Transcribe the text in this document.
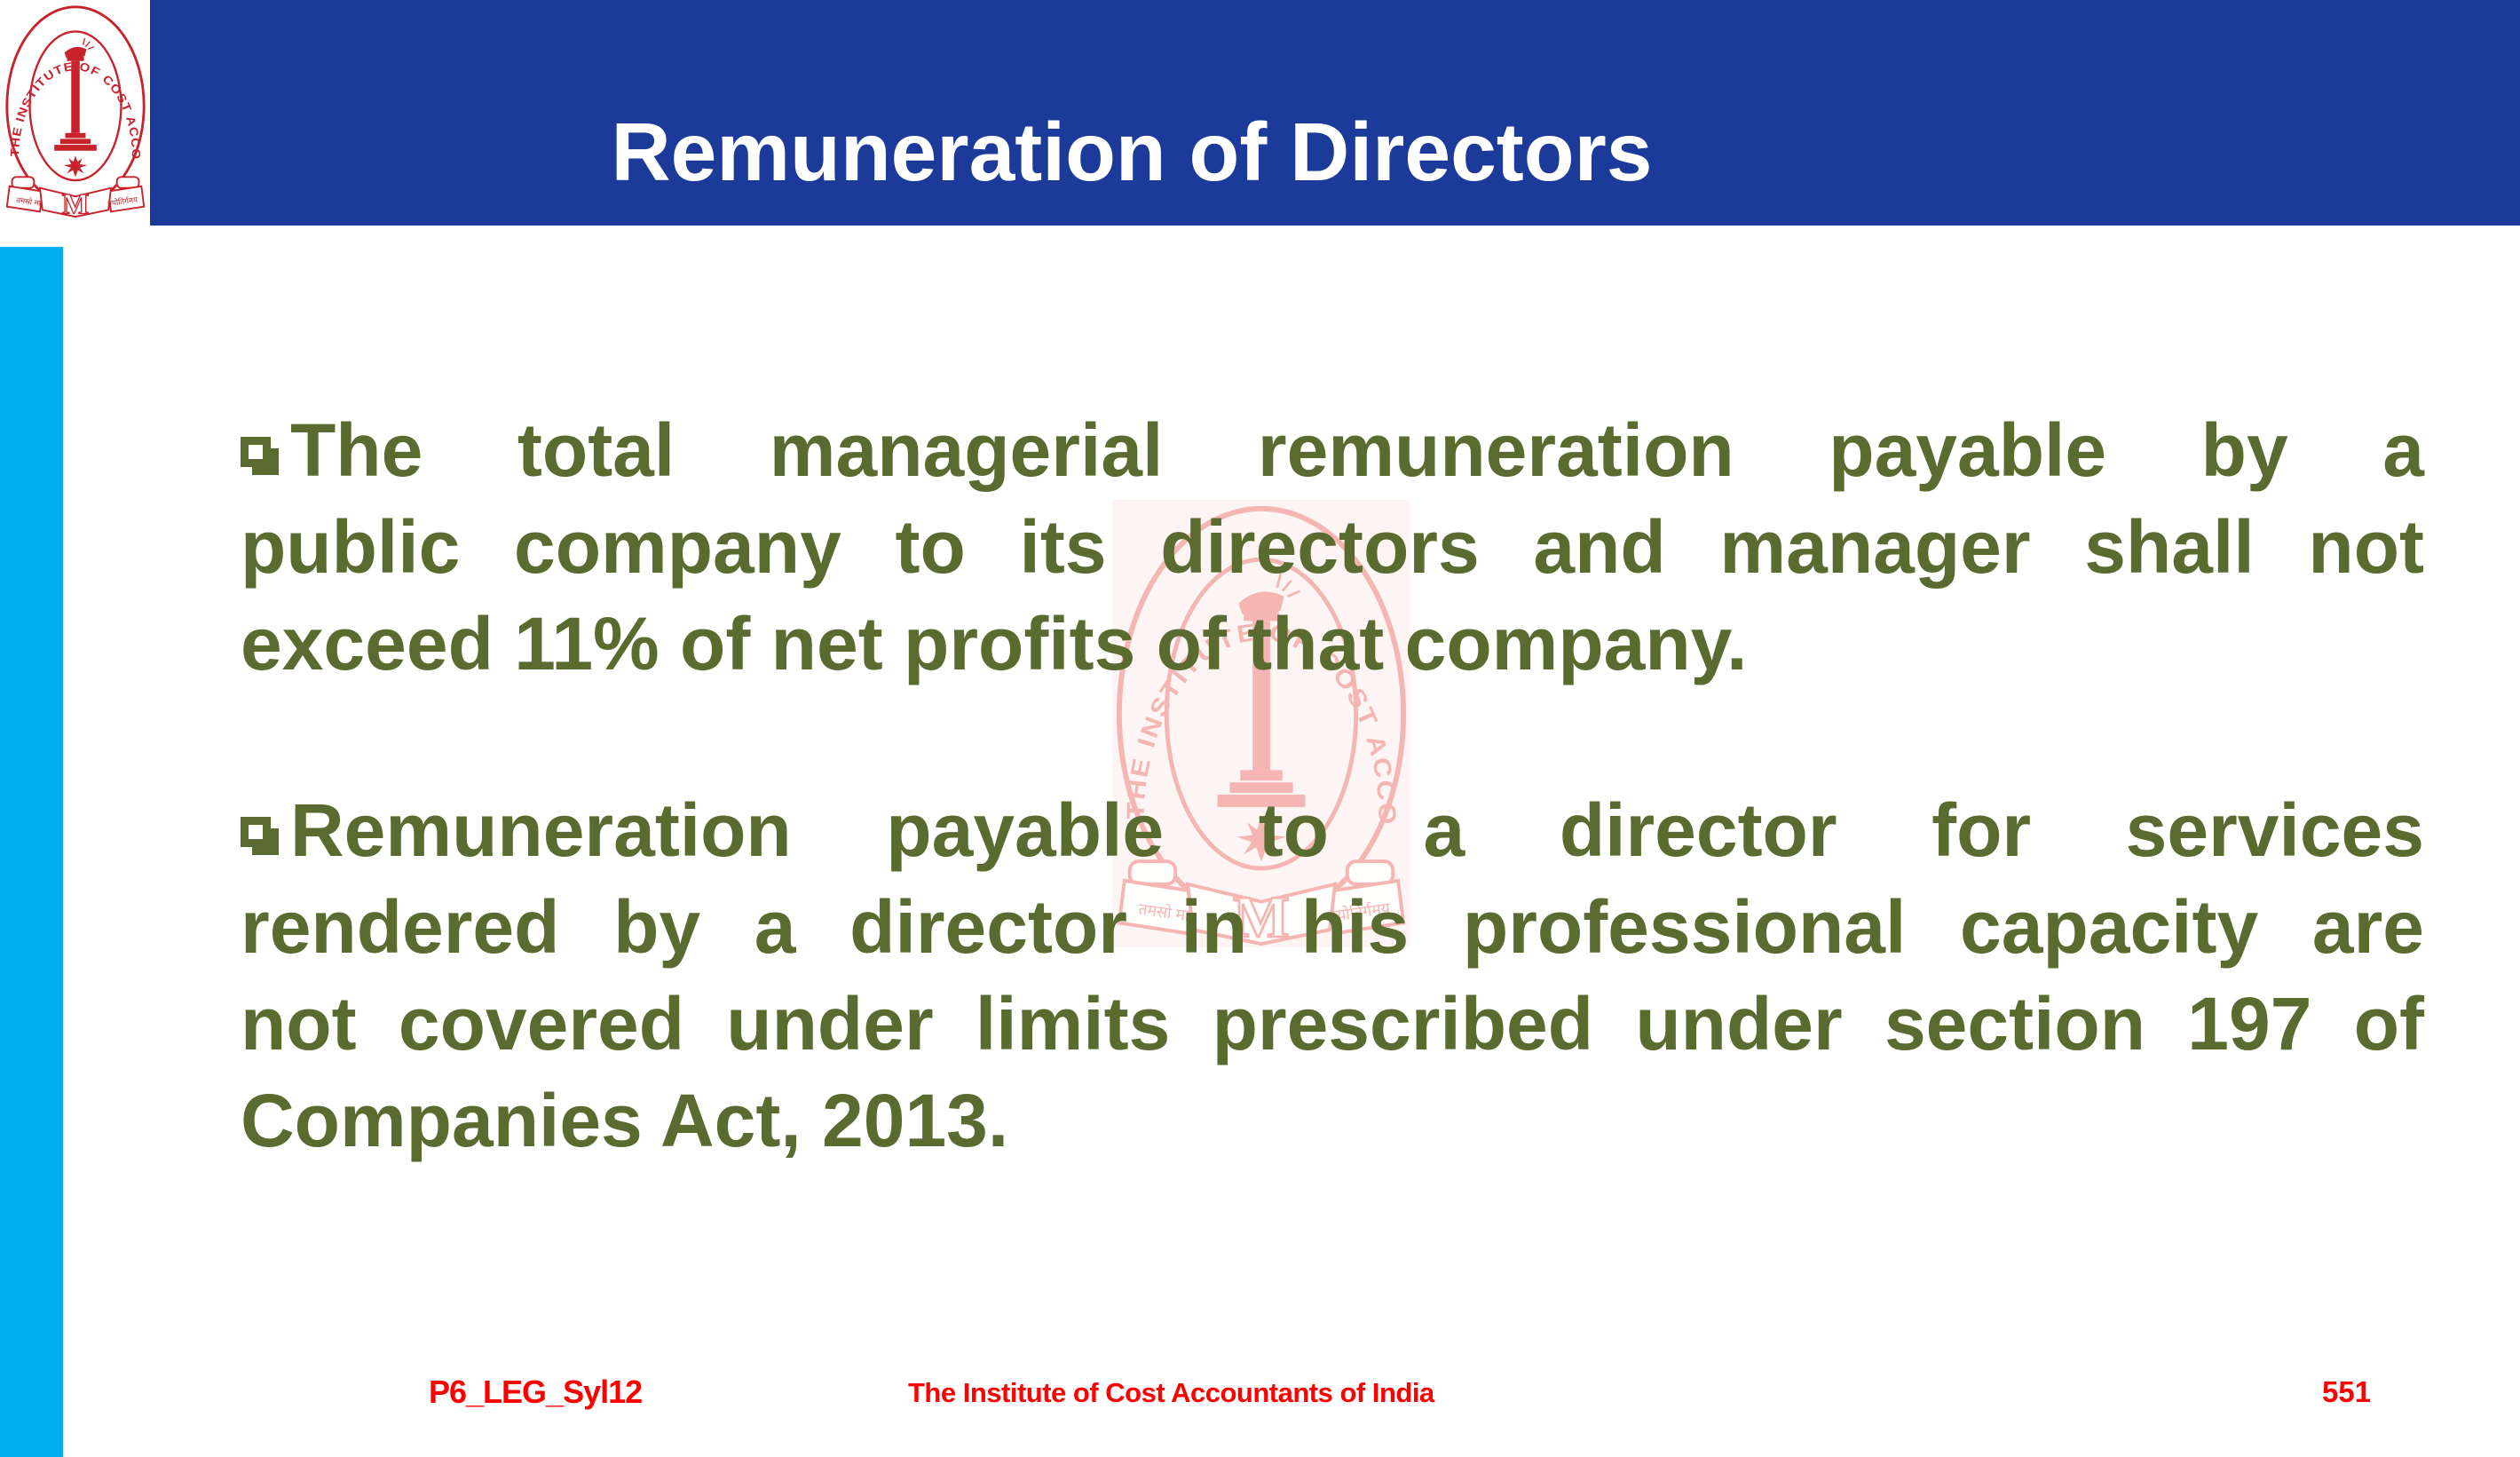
Remuneration of Directors
The total managerial remuneration payable by a
public company to its directors and manager shall not
exceed 11% of net profits of that company.
Remuneration payable to a director for services
rendered by a director in his professional capacity are
not covered under limits prescribed under section 197 of
Companies Act, 2013.
P6_LEG_Syl12	The Institute of Cost Accountants of India	551
